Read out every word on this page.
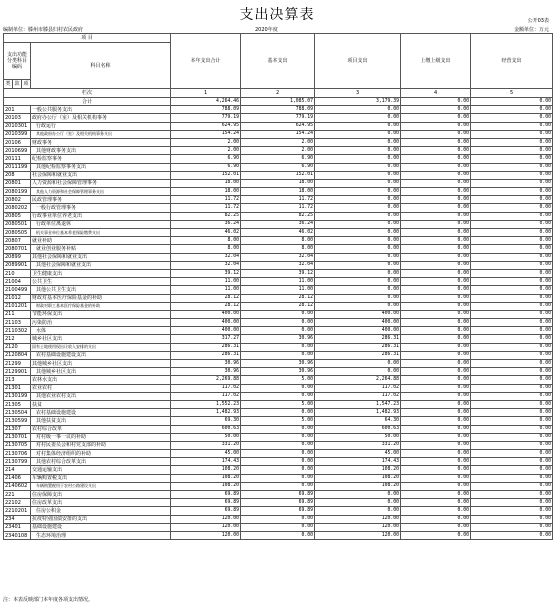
支出决算表	公开03表
编制单位：滕州市滕县归村农民政府	2020年度	金额单位：万元
项 目				本年支出合计	基本支出	项目支出	上缴上级支出	经营支出	
支出功能分类科目编码			科目名称						
类	款	项							
栏次				1	2	3	4	5	
合计				4,264.46	1,085.07	3,179.39	0.00	0.00	
201			一般公共服务支出	788.09	788.09	0.00	0.00	0.00	
20103			政府办公厅（室）及相关机构事务	779.19	779.19	0.00	0.00	0.00	
2010301			行政运行	624.95	624.95	0.00	0.00	0.00	
2010399			其他政府办公厅（室）及相关机构事务支出	154.24	154.24	0.00	0.00	0.00	
20106			财政事务	2.00	2.00	0.00	0.00	0.00	
2010699			其他财政事务支出	2.00	2.00	0.00	0.00	0.00	
20111			纪检监察事务	6.90	6.90	0.00	0.00	0.00	
2011199			其他纪检监察事务支出	6.90	6.90	0.00	0.00	0.00	
208			社会保障和就业支出	152.01	152.01	0.00	0.00	0.00	
20801			人力资源和社会保障管理事务	18.00	18.00	0.00	0.00	0.00	
2080199			其他人力资源和社会保障管理事务支出	18.00	18.00	0.00	0.00	0.00	
20802			民政管理事务	11.72	11.72	0.00	0.00	0.00	
2080202			一般行政管理事务	11.72	11.72	0.00	0.00	0.00	
20805			行政事业单位养老支出	82.25	82.25	0.00	0.00	0.00	
2080501			行政单位离退休	36.24	36.24	0.00	0.00	0.00	
2080505			机关事业单位基本养老保险缴费支出	46.02	46.02	0.00	0.00	0.00	
20807			就业补助	8.00	8.00	0.00	0.00	0.00	
2080701			就业创业服务补贴	8.00	8.00	0.00	0.00	0.00	
20899			其他社会保障和就业支出	32.04	32.04	0.00	0.00	0.00	
2089901			其他社会保障和就业支出	32.04	32.04	0.00	0.00	0.00	
210			卫生健康支出	39.12	39.12	0.00	0.00	0.00	
21004			公共卫生	11.00	11.00	0.00	0.00	0.00	
2100499			其他公共卫生支出	11.00	11.00	0.00	0.00	0.00	
21012			财政对基本医疗保险基金的补助	28.12	28.12	0.00	0.00	0.00	
2101201			财政对职工基本医疗保险基金的补助	28.12	28.12	0.00	0.00	0.00	
211			节能环保支出	400.00	0.00	400.00	0.00	0.00	
21103			污染防治	400.00	0.00	400.00	0.00	0.00	
2110302			水体	400.00	0.00	400.00	0.00	0.00	
212			城乡社区支出	317.27	30.96	286.31	0.00	0.00	
2120			国有土地使用权出让收入安排的支出	286.31	0.00	286.31	0.00	0.00	
2120804			农村基础设施建设支出	286.31	0.00	286.31	0.00	0.00	
21299			其他城乡社区支出	30.96	30.96	0.00	0.00	0.00	
2129901			其他城乡社区支出	30.96	30.96	0.00	0.00	0.00	
213			农林水支出	2,269.88	5.00	2,264.88	0.00	0.00	
21301			农业农村	117.02	0.00	117.02	0.00	0.00	
2130199			其他农业农村支出	117.02	0.00	117.02	0.00	0.00	
21305			扶贫	1,552.23	5.00	1,547.23	0.00	0.00	
2130504			农村基础设施建设	1,482.93	0.00	1,482.93	0.00	0.00	
2130599			其他扶贫支出	69.30	5.00	64.30	0.00	0.00	
21307			农村综合改革	600.63	0.00	600.63	0.00	0.00	
2130701			对村级一事一议的补助	50.00	0.00	50.00	0.00	0.00	
2130705			对村民委员会和村党支部的补助	331.20	0.00	331.20	0.00	0.00	
2130706			对村集体经济组织的补助	45.00	0.00	45.00	0.00	0.00	
2130799			其他农村综合改革支出	174.43	0.00	174.43	0.00	0.00	
214			交通运输支出	108.20	0.00	108.20	0.00	0.00	
21406			车辆购置税支出	108.20	0.00	108.20	0.00	0.00	
2140602			车辆购置税用于农村公路建设支出	108.20	0.00	108.20	0.00	0.00	
221			住房保障支出	69.89	69.89	0.00	0.00	0.00	
22102			住房改革支出	69.89	69.89	0.00	0.00	0.00	
2210201			住房公积金	69.89	69.89	0.00	0.00	0.00	
234			抗疫特别国债安排的支出	120.00	0.00	120.00	0.00	0.00	
23401			基础设施建设	120.00	0.00	120.00	0.00	0.00	
2340108			生态环境治理	120.00	0.00	120.00	0.00	0.00	
注：本表反映部门本年度各项支出情况。
